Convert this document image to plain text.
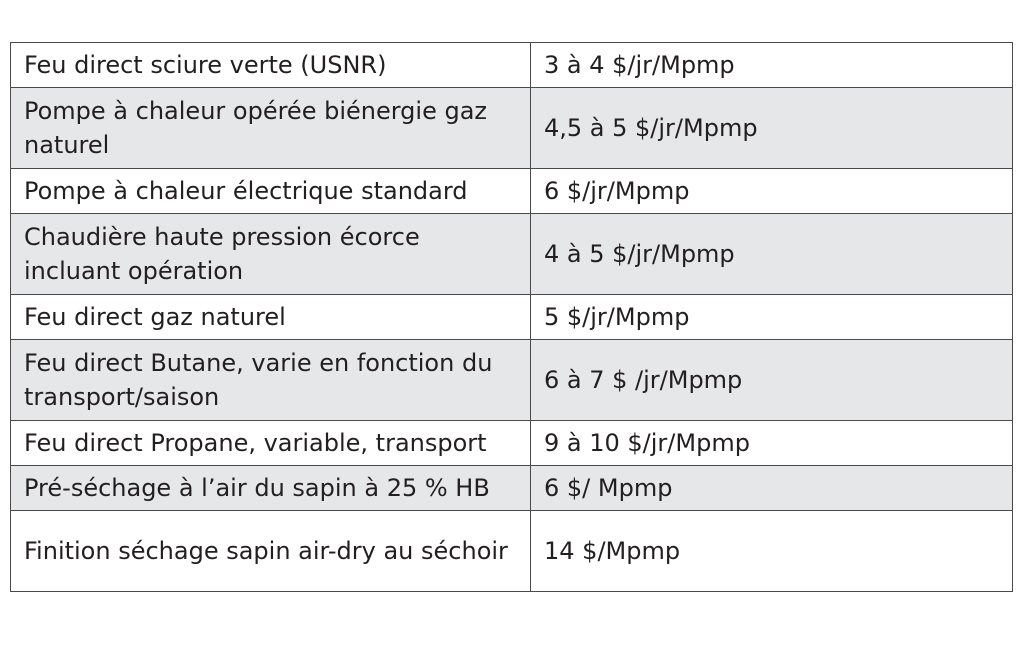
Feu direct sciure verte (USNR)	3 à 4 $/jr/Mpmp
Pompe à chaleur opérée biénergie gaz naturel	4,5 à 5 $/jr/Mpmp
Pompe à chaleur électrique standard	6 $/jr/Mpmp
Chaudière haute pression écorce incluant opération	4 à 5 $/jr/Mpmp
Feu direct gaz naturel	5 $/jr/Mpmp
Feu direct Butane, varie en fonction du transport/saison	6 à 7 $ /jr/Mpmp
Feu direct Propane, variable, transport	9 à 10 $/jr/Mpmp
Pré-séchage à l’air du sapin à 25 % HB	6 $/ Mpmp
Finition séchage sapin air-dry au séchoir	14 $/Mpmp
